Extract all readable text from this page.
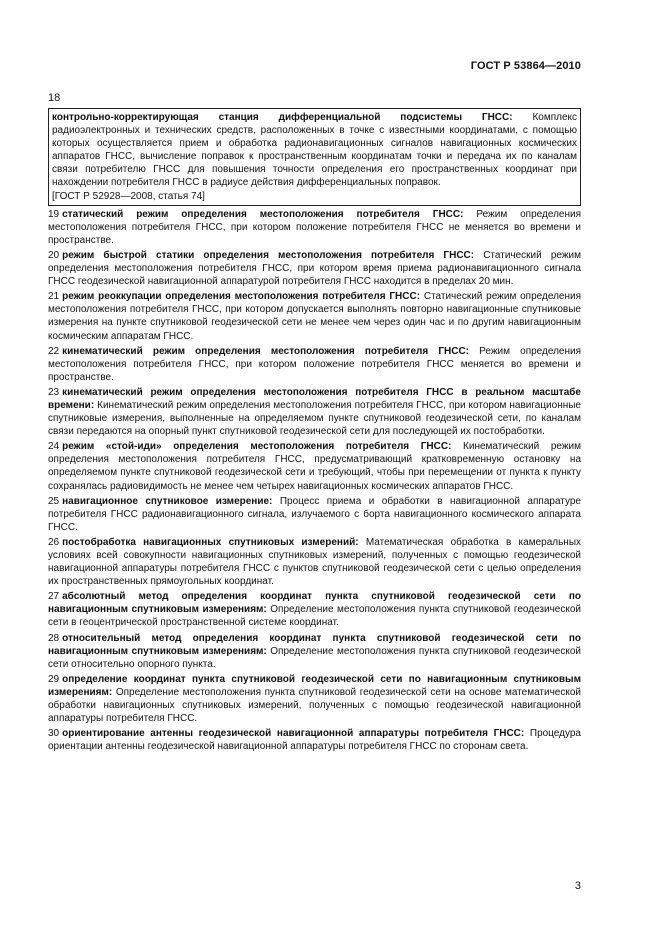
ГОСТ Р 53864—2010
18

контрольно-корректирующая станция дифференциальной подсистемы ГНСС: Комплекс радиоэлектронных и технических средств, расположенных в точке с известными координатами, с помощью которых осуществляется прием и обработка радионавигационных сигналов навигационных космических аппаратов ГНСС, вычисление поправок к пространственным координатам точки и передача их по каналам связи потребителю ГНСС для повышения точности определения его пространственных координат при нахождении потребителя ГНСС в радиусе действия дифференциальных поправок.

[ГОСТ Р 52928—2008, статья 74]

19 статический режим определения местоположения потребителя ГНСС: Режим определения местоположения потребителя ГНСС, при котором положение потребителя ГНСС не меняется во времени и пространстве.

20 режим быстрой статики определения местоположения потребителя ГНСС: Статический режим определения местоположения потребителя ГНСС, при котором время приема радионавигационного сигнала ГНСС геодезической навигационной аппаратурой потребителя ГНСС находится в пределах 20 мин.

21 режим реоккупации определения местоположения потребителя ГНСС: Статический режим определения местоположения потребителя ГНСС, при котором допускается выполнять повторно навигационные спутниковые измерения на пункте спутниковой геодезической сети не менее чем через один час и по другим навигационным космическим аппаратам ГНСС.

22 кинематический режим определения местоположения потребителя ГНСС: Режим определения местоположения потребителя ГНСС, при котором положение потребителя ГНСС меняется во времени и пространстве.

23 кинематический режим определения местоположения потребителя ГНСС в реальном масштабе времени: Кинематический режим определения местоположения потребителя ГНСС, при котором навигационные спутниковые измерения, выполненные на определяемом пункте спутниковой геодезической сети, по каналам связи передаются на опорный пункт спутниковой геодезической сети для последующей их постобработки.

24 режим «стой-иди» определения местоположения потребителя ГНСС: Кинематический режим определения местоположения потребителя ГНСС, предусматривающий кратковременную остановку на определяемом пункте спутниковой геодезической сети и требующий, чтобы при перемещении от пункта к пункту сохранялась радиовидимость не менее чем четырех навигационных космических аппаратов ГНСС.

25 навигационное спутниковое измерение: Процесс приема и обработки в навигационной аппаратуре потребителя ГНСС радионавигационного сигнала, излучаемого с борта навигационного космического аппарата ГНСС.

26 постобработка навигационных спутниковых измерений: Математическая обработка в камеральных условиях всей совокупности навигационных спутниковых измерений, полученных с помощью геодезической навигационной аппаратуры потребителя ГНСС с пунктов спутниковой геодезической сети с целью определения их пространственных прямоугольных координат.

27 абсолютный метод определения координат пункта спутниковой геодезической сети по навигационным спутниковым измерениям: Определение местоположения пункта спутниковой геодезической сети в геоцентрической пространственной системе координат.

28 относительный метод определения координат пункта спутниковой геодезической сети по навигационным спутниковым измерениям: Определение местоположения пункта спутниковой геодезической сети относительно опорного пункта.

29 определение координат пункта спутниковой геодезической сети по навигационным спутниковым измерениям: Определение местоположения пункта спутниковой геодезической сети на основе математической обработки навигационных спутниковых измерений, полученных с помощью геодезической навигационной аппаратуры потребителя ГНСС.

30 ориентирование антенны геодезической навигационной аппаратуры потребителя ГНСС: Процедура ориентации антенны геодезической навигационной аппаратуры потребителя ГНСС по сторонам света.

3
